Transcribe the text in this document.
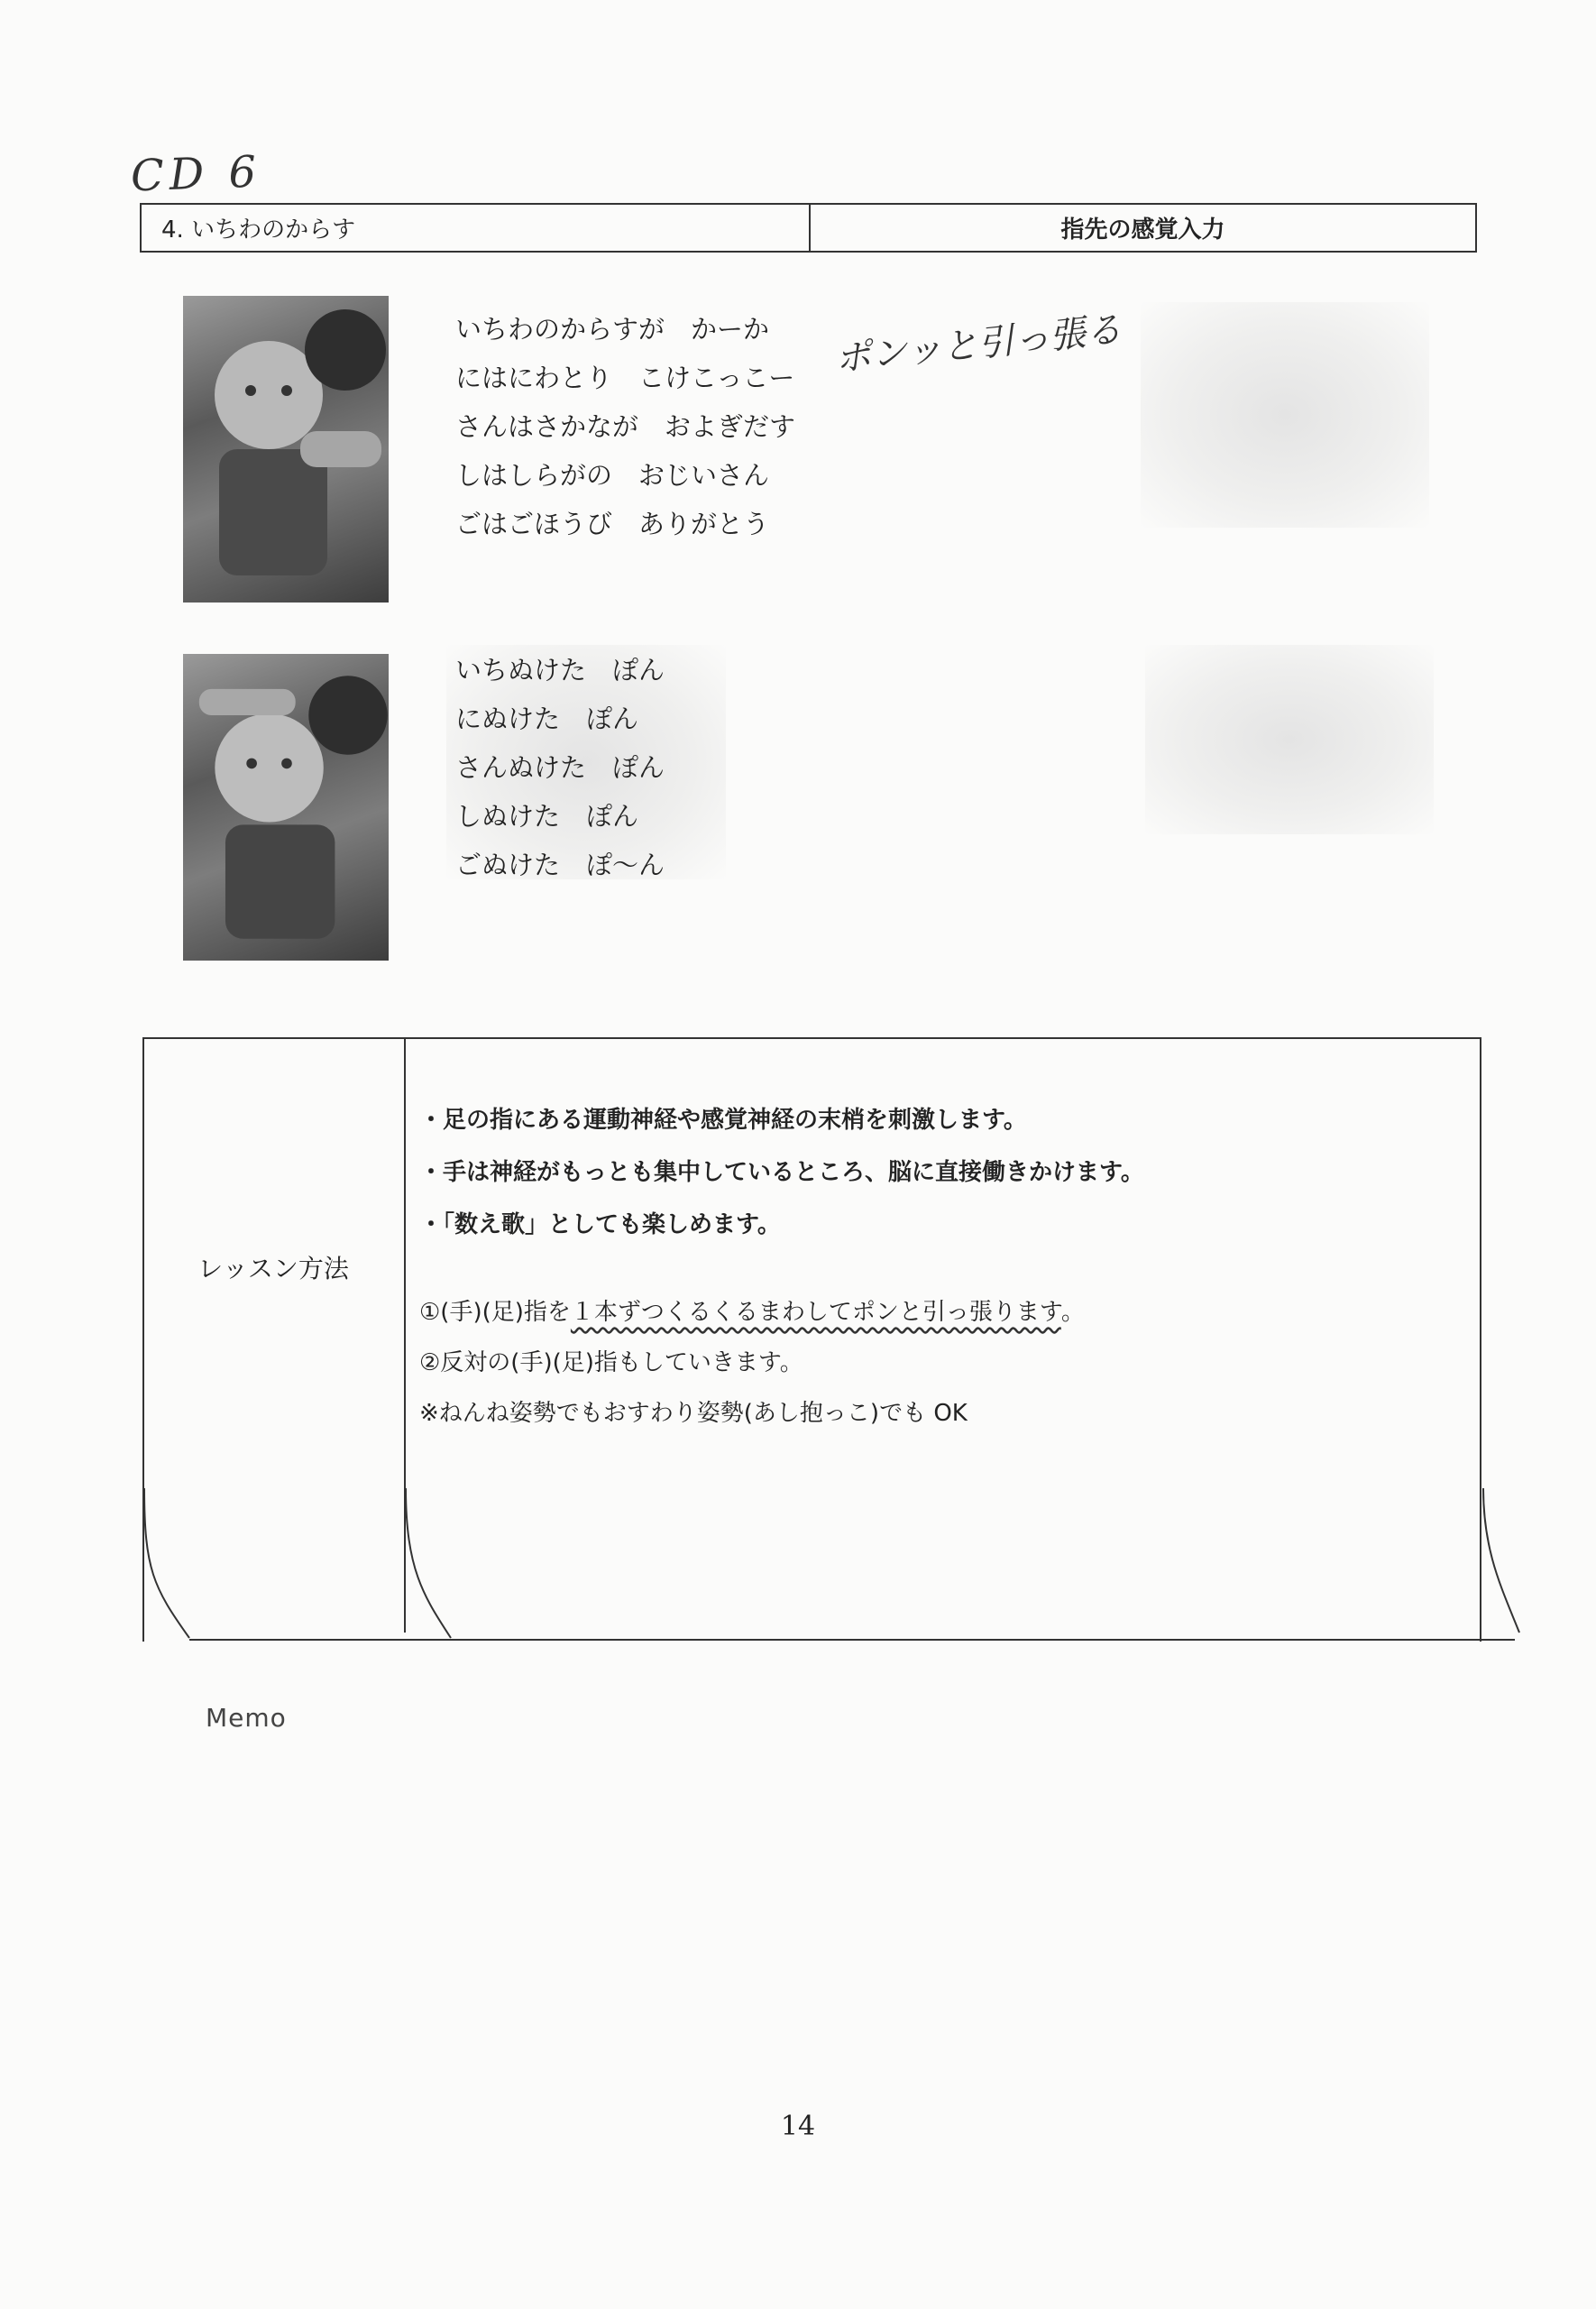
CD 6
4. いちわのからす	指先の感覚入力
いちわのからすが　かーか
にはにわとり　こけこっこー
さんはさかなが　およぎだす
しはしらがの　おじいさん
ごはごほうび　ありがとう
ポンッと引っ張る
いちぬけた　ぽん
にぬけた　ぽん
さんぬけた　ぽん
しぬけた　ぽん
ごぬけた　ぽ～ん
レッスン方法
・足の指にある運動神経や感覚神経の末梢を刺激します。
・手は神経がもっとも集中しているところ、脳に直接働きかけます。
・「数え歌」としても楽しめます。
①(手)(足)指を１本ずつくるくるまわしてポンと引っ張ります。
②反対の(手)(足)指もしていきます。
※ねんね姿勢でもおすわり姿勢(あし抱っこ)でも OK
Memo
14
